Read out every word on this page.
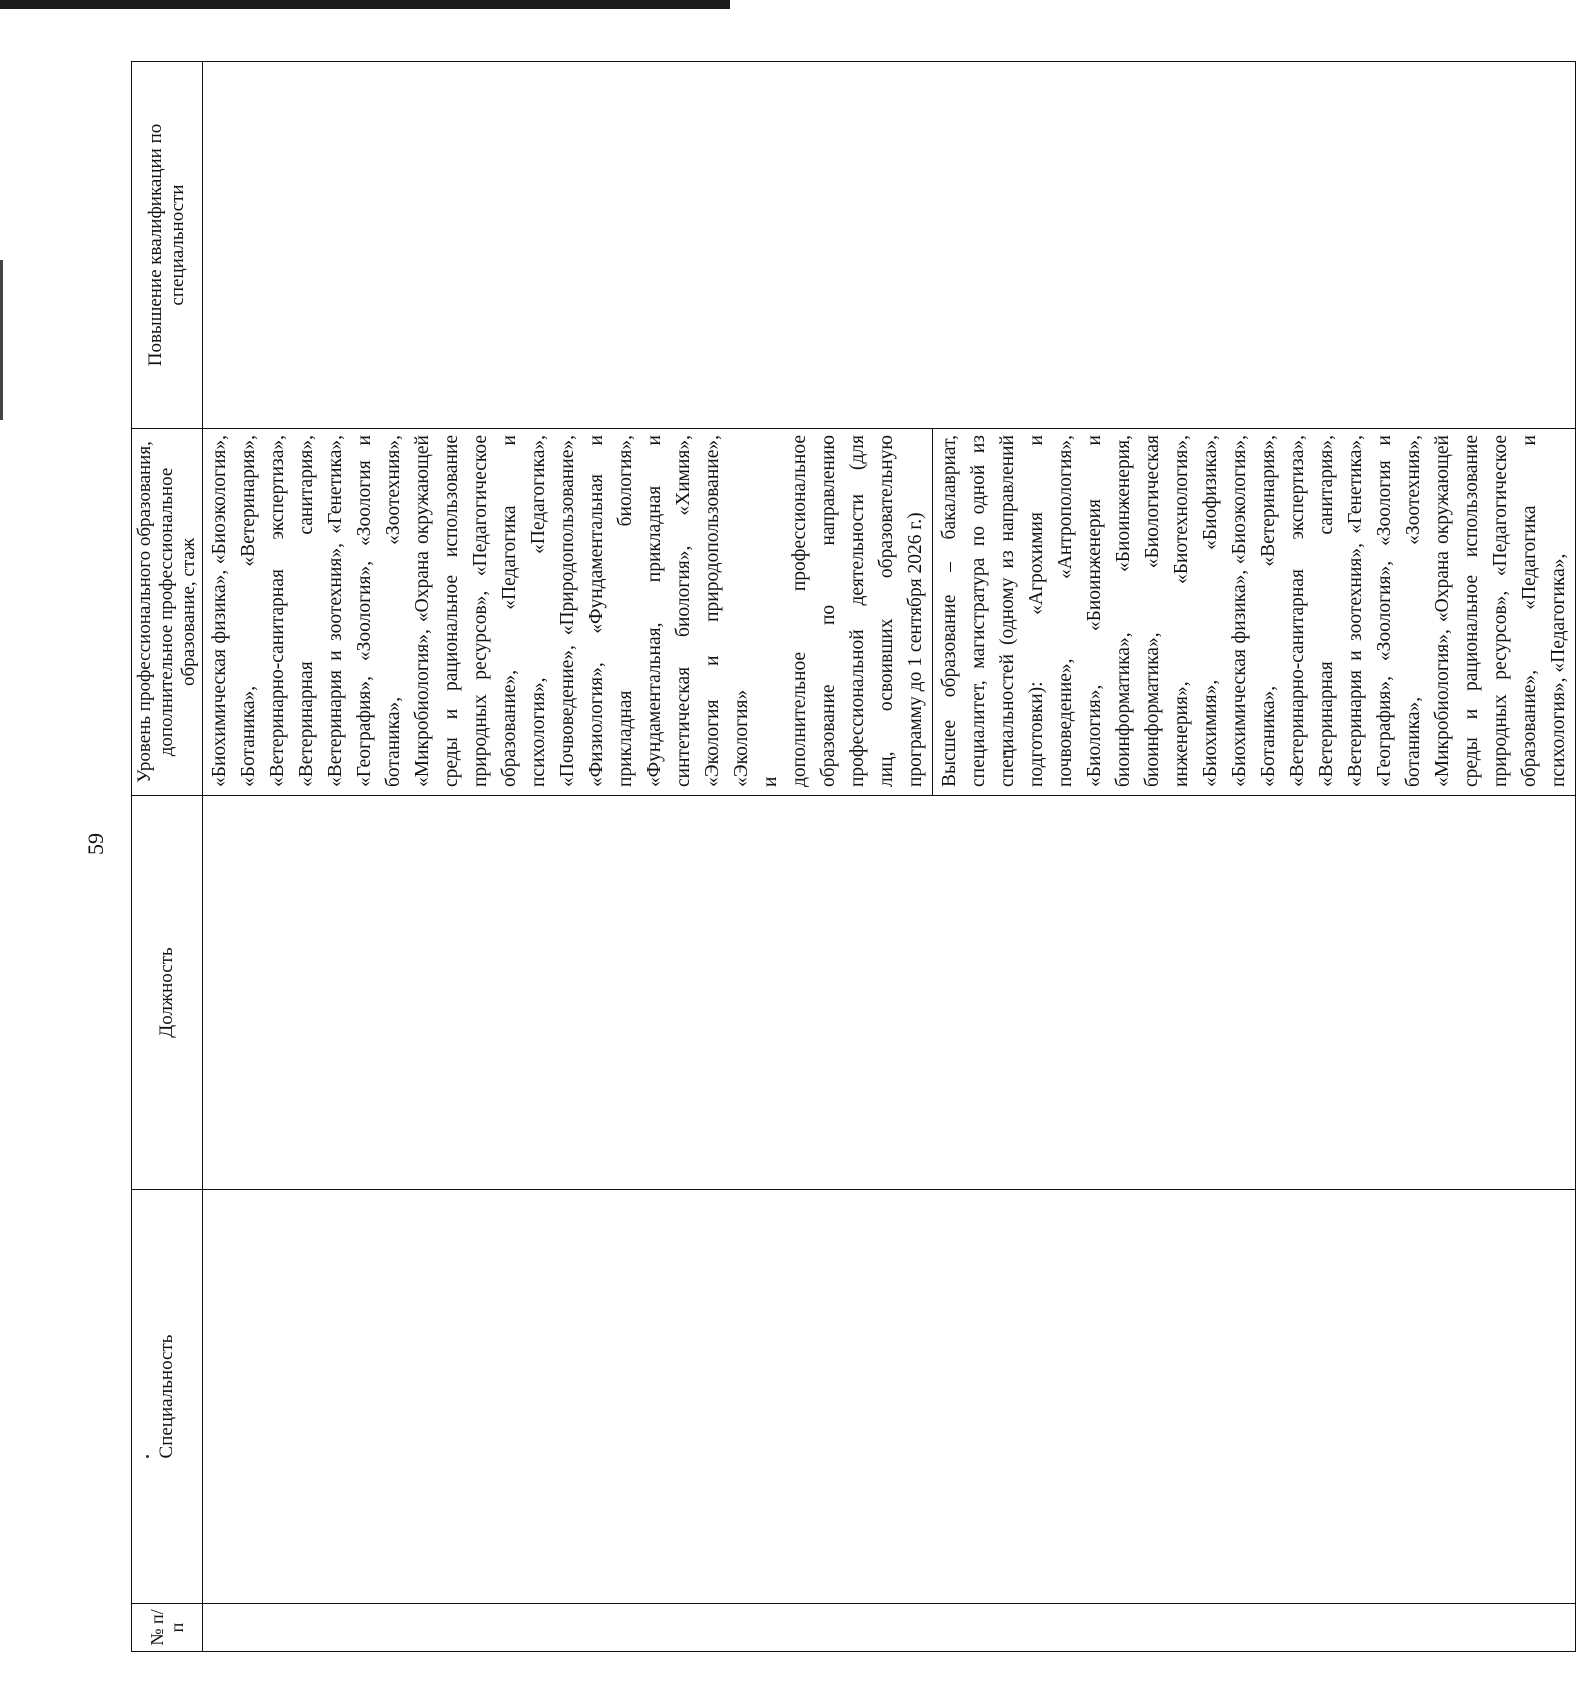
59
№ п/п	Специальность	Должность	Уровень профессионального образования, дополнительное профессиональное образование, стаж	Повышение квалификации по специальности

			«Биохимическая физика», «Биоэкология», «Ботаника», «Ветеринария», «Ветеринарно-санитарная экспертиза», «Ветеринарная санитария», «Ветеринария и зоотехния», «Генетика», «География», «Зоология», «Зоология и ботаника», «Зоотехния», «Микробиология», «Охрана окружающей среды и рациональное использование природных ресурсов», «Педагогическое образование», «Педагогика и психология», «Педагогика», «Почвоведение», «Природопользование», «Физиология», «Фундаментальная и прикладная биология», «Фундаментальная, прикладная и синтетическая биология», «Химия», «Экология и природопользование», «Экология» и дополнительное профессиональное образование по направлению профессиональной деятельности (для лиц, освоивших образовательную программу до 1 сентября 2026 г.)	

			Высшее образование – бакалавриат, специалитет, магистратура по одной из специальностей (одному из направлений подготовки): «Агрохимия и почвоведение», «Антропология», «Биология», «Биоинженерия и биоинформатика», «Биоинженерия, биоинформатика», «Биологическая инженерия», «Биотехнология», «Биохимия», «Биофизика», «Биохимическая физика», «Биоэкология», «Ботаника», «Ветеринария», «Ветеринарно-санитарная экспертиза», «Ветеринарная санитария», «Ветеринария и зоотехния», «Генетика», «География», «Зоология», «Зоология и ботаника», «Зоотехния», «Микробиология», «Охрана окружающей среды и рациональное использование природных ресурсов», «Педагогическое образование», «Педагогика и психология», «Педагогика»,	
